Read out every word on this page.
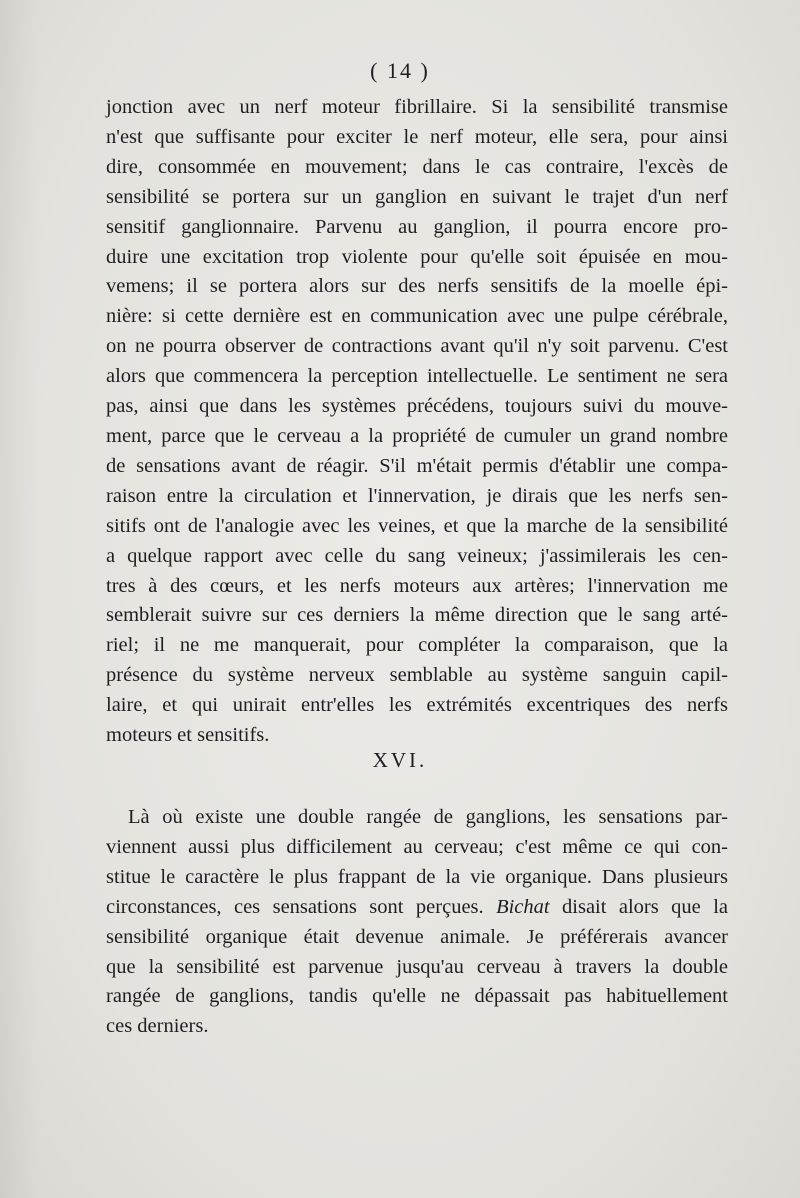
( 14 )
jonction avec un nerf moteur fibrillaire. Si la sensibilité transmise
n'est que suffisante pour exciter le nerf moteur, elle sera, pour ainsi
dire, consommée en mouvement; dans le cas contraire, l'excès de
sensibilité se portera sur un ganglion en suivant le trajet d'un nerf
sensitif ganglionnaire. Parvenu au ganglion, il pourra encore pro-
duire une excitation trop violente pour qu'elle soit épuisée en mou-
vemens; il se portera alors sur des nerfs sensitifs de la moelle épi-
nière: si cette dernière est en communication avec une pulpe cérébrale,
on ne pourra observer de contractions avant qu'il n'y soit parvenu. C'est
alors que commencera la perception intellectuelle. Le sentiment ne sera
pas, ainsi que dans les systèmes précédens, toujours suivi du mouve-
ment, parce que le cerveau a la propriété de cumuler un grand nombre
de sensations avant de réagir. S'il m'était permis d'établir une compa-
raison entre la circulation et l'innervation, je dirais que les nerfs sen-
sitifs ont de l'analogie avec les veines, et que la marche de la sensibilité
a quelque rapport avec celle du sang veineux; j'assimilerais les cen-
tres à des cœurs, et les nerfs moteurs aux artères; l'innervation me
semblerait suivre sur ces derniers la même direction que le sang arté-
riel; il ne me manquerait, pour compléter la comparaison, que la
présence du système nerveux semblable au système sanguin capil-
laire, et qui unirait entr'elles les extrémités excentriques des nerfs
moteurs et sensitifs.
XVI.
Là où existe une double rangée de ganglions, les sensations par-
viennent aussi plus difficilement au cerveau; c'est même ce qui con-
stitue le caractère le plus frappant de la vie organique. Dans plusieurs
circonstances, ces sensations sont perçues. Bichat disait alors que la
sensibilité organique était devenue animale. Je préférerais avancer
que la sensibilité est parvenue jusqu'au cerveau à travers la double
rangée de ganglions, tandis qu'elle ne dépassait pas habituellement
ces derniers.
